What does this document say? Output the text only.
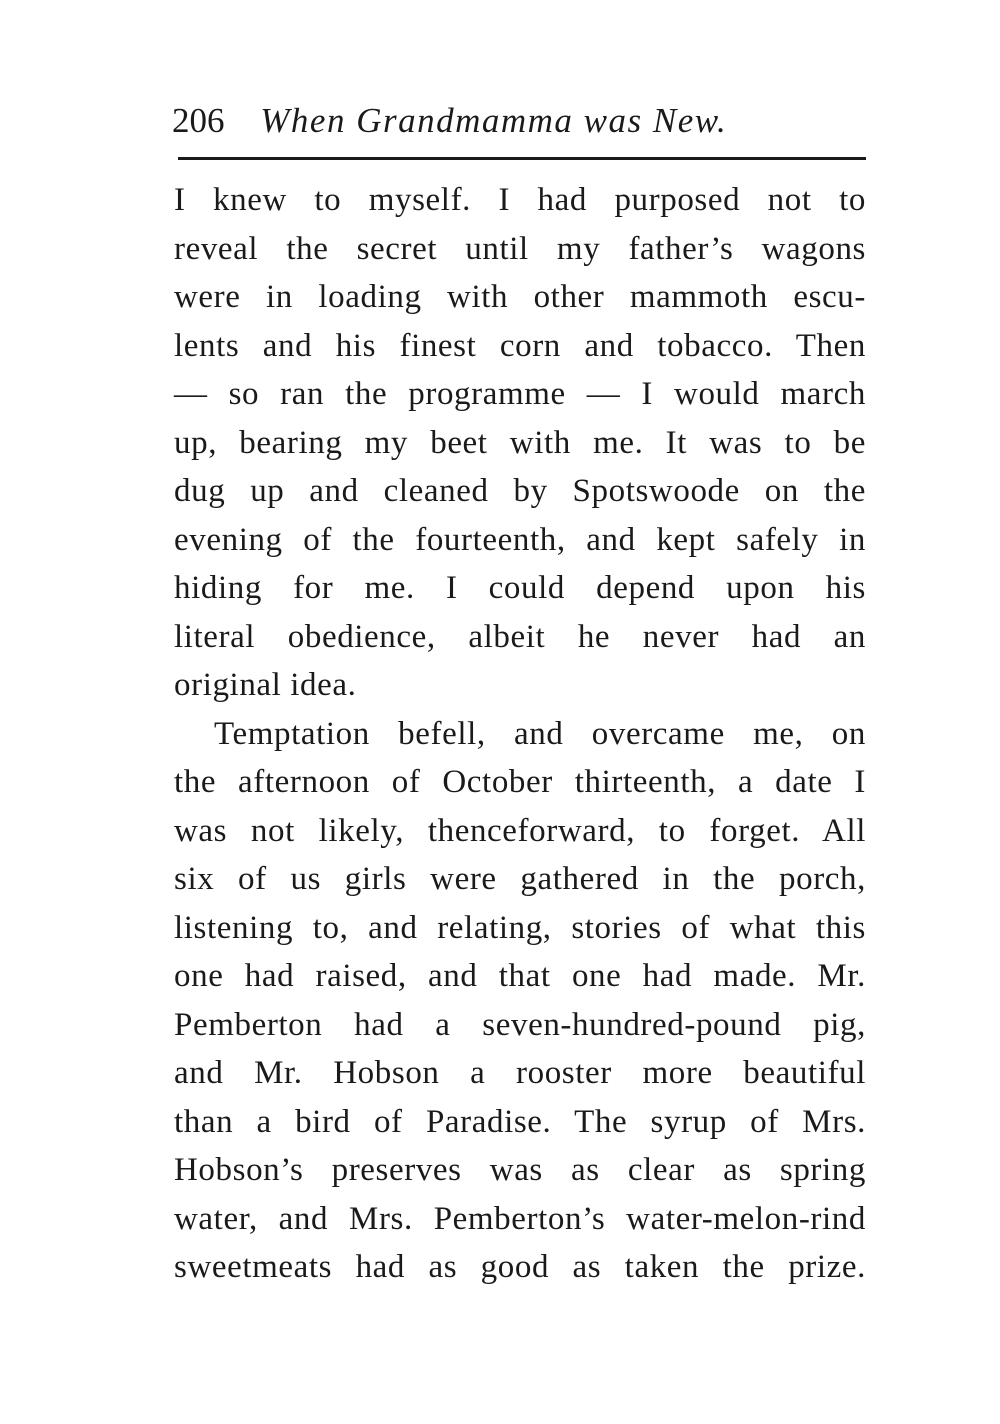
206 When Grandmamma was New.
I knew to myself. I had purposed not to
reveal the secret until my father’s wagons
were in loading with other mammoth escu-
lents and his finest corn and tobacco. Then
— so ran the programme — I would march
up, bearing my beet with me. It was to be
dug up and cleaned by Spotswoode on the
evening of the fourteenth, and kept safely in
hiding for me. I could depend upon his
literal obedience, albeit he never had an
original idea.
Temptation befell, and overcame me, on
the afternoon of October thirteenth, a date I
was not likely, thenceforward, to forget. All
six of us girls were gathered in the porch,
listening to, and relating, stories of what this
one had raised, and that one had made. Mr.
Pemberton had a seven-hundred-pound pig,
and Mr. Hobson a rooster more beautiful
than a bird of Paradise. The syrup of Mrs.
Hobson’s preserves was as clear as spring
water, and Mrs. Pemberton’s water-melon-rind
sweetmeats had as good as taken the prize.
